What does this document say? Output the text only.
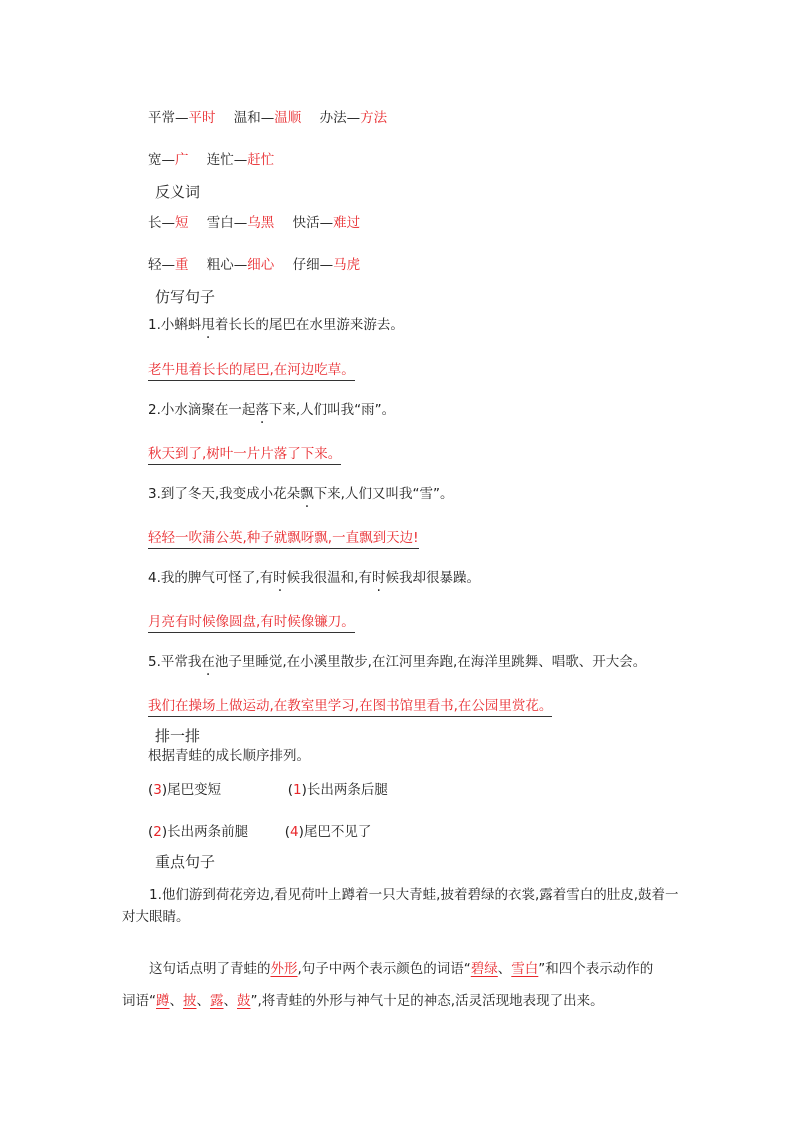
平常—平时 温和—温顺 办法—方法
宽—广 连忙—赶忙
反义词
长—短 雪白—乌黑 快活—难过
轻—重 粗心—细心 仔细—马虎
仿写句子
1.小蝌蚪甩着长长的尾巴在水里游来游去。
老牛甩着长长的尾巴,在河边吃草。
2.小水滴聚在一起落下来,人们叫我“雨”。
秋天到了,树叶一片片落了下来。
3.到了冬天,我变成小花朵飘下来,人们又叫我“雪”。
轻轻一吹蒲公英,种子就飘呀飘,一直飘到天边!
4.我的脾气可怪了,有时候我很温和,有时候我却很暴躁。
月亮有时候像圆盘,有时候像镰刀。
5.平常我在池子里睡觉,在小溪里散步,在江河里奔跑,在海洋里跳舞、唱歌、开大会。
我们在操场上做运动,在教室里学习,在图书馆里看书,在公园里赏花。
排一排
根据青蛙的成长顺序排列。
(3)尾巴变短	(1)长出两条后腿
(2)长出两条前腿	(4)尾巴不见了
重点句子
1.他们游到荷花旁边,看见荷叶上蹲着一只大青蛙,披着碧绿的衣裳,露着雪白的肚皮,鼓着一对大眼睛。
这句话点明了青蛙的外形,句子中两个表示颜色的词语“碧绿、雪白”和四个表示动作的
词语“蹲、披、露、鼓”,将青蛙的外形与神气十足的神态,活灵活现地表现了出来。
